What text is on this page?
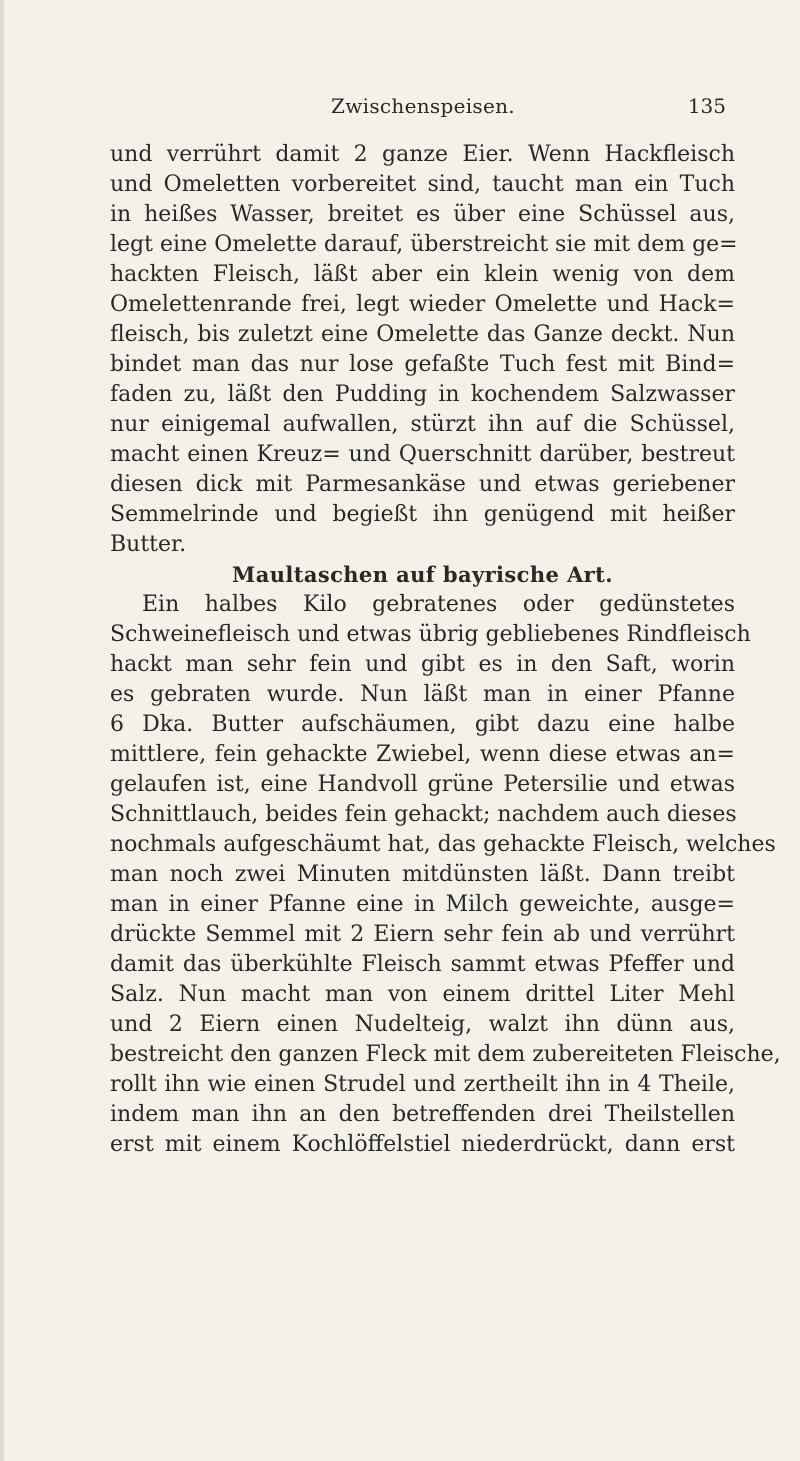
Zwischenspeisen.	135
und verrührt damit 2 ganze Eier. Wenn Hackfleisch
und Omeletten vorbereitet sind, taucht man ein Tuch
in heißes Wasser, breitet es über eine Schüssel aus,
legt eine Omelette darauf, überstreicht sie mit dem ge=
hackten Fleisch, läßt aber ein klein wenig von dem
Omelettenrande frei, legt wieder Omelette und Hack=
fleisch, bis zuletzt eine Omelette das Ganze deckt. Nun
bindet man das nur lose gefaßte Tuch fest mit Bind=
faden zu, läßt den Pudding in kochendem Salzwasser
nur einigemal aufwallen, stürzt ihn auf die Schüssel,
macht einen Kreuz= und Querschnitt darüber, bestreut
diesen dick mit Parmesankäse und etwas geriebener
Semmelrinde und begießt ihn genügend mit heißer
Butter.
Maultaschen auf bayrische Art.
Ein halbes Kilo gebratenes oder gedünstetes
Schweinefleisch und etwas übrig gebliebenes Rindfleisch
hackt man sehr fein und gibt es in den Saft, worin
es gebraten wurde. Nun läßt man in einer Pfanne
6 Dka. Butter aufschäumen, gibt dazu eine halbe
mittlere, fein gehackte Zwiebel, wenn diese etwas an=
gelaufen ist, eine Handvoll grüne Petersilie und etwas
Schnittlauch, beides fein gehackt; nachdem auch dieses
nochmals aufgeschäumt hat, das gehackte Fleisch, welches
man noch zwei Minuten mitdünsten läßt. Dann treibt
man in einer Pfanne eine in Milch geweichte, ausge=
drückte Semmel mit 2 Eiern sehr fein ab und verrührt
damit das überkühlte Fleisch sammt etwas Pfeffer und
Salz. Nun macht man von einem drittel Liter Mehl
und 2 Eiern einen Nudelteig, walzt ihn dünn aus,
bestreicht den ganzen Fleck mit dem zubereiteten Fleische,
rollt ihn wie einen Strudel und zertheilt ihn in 4 Theile,
indem man ihn an den betreffenden drei Theilstellen
erst mit einem Kochlöffelstiel niederdrückt, dann erst
